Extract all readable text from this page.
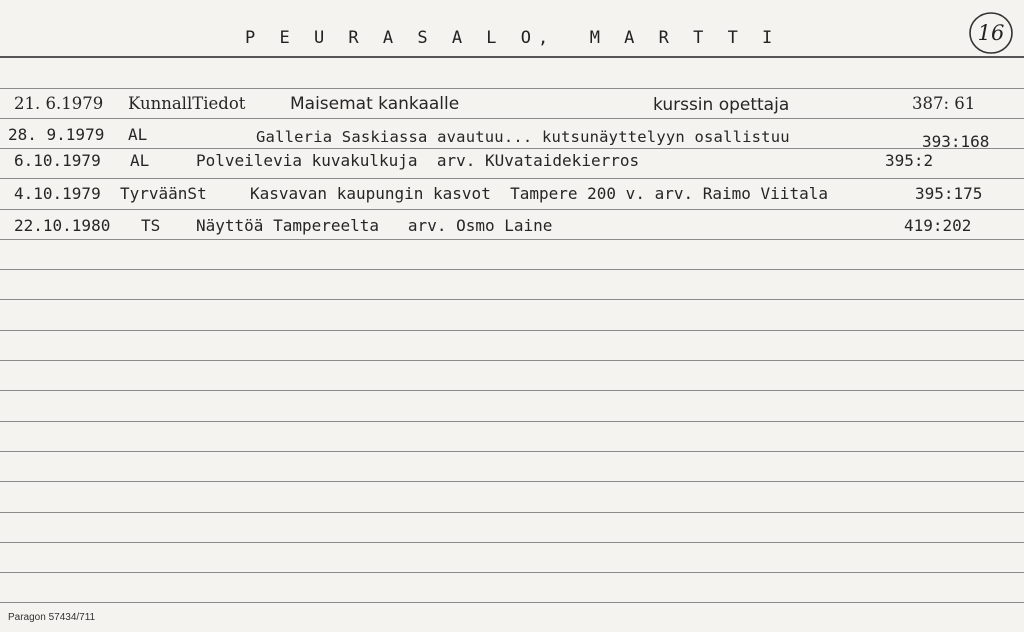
P E U R A S A L O,  M A R T T I	16
21. 6.1979 KunnallTiedot	Maisemat kankaalle	kurssin opettaja	387: 61
28. 9.1979 AL	Galleria Saskiassa avautuu... kutsunäyttelyyn osallistuu	393:168
6.10.1979 AL	Polveilevia kuvakulkuja  arv. KUvataidekierros	395:2
4.10.1979 TyrväänSt	Kasvavan kaupungin kasvot  Tampere 200 v. arv. Raimo Viitala	395:175
22.10.1980 TS Näyttöä Tampereelta   arv. Osmo Laine	419:202
Paragon 57434/711
